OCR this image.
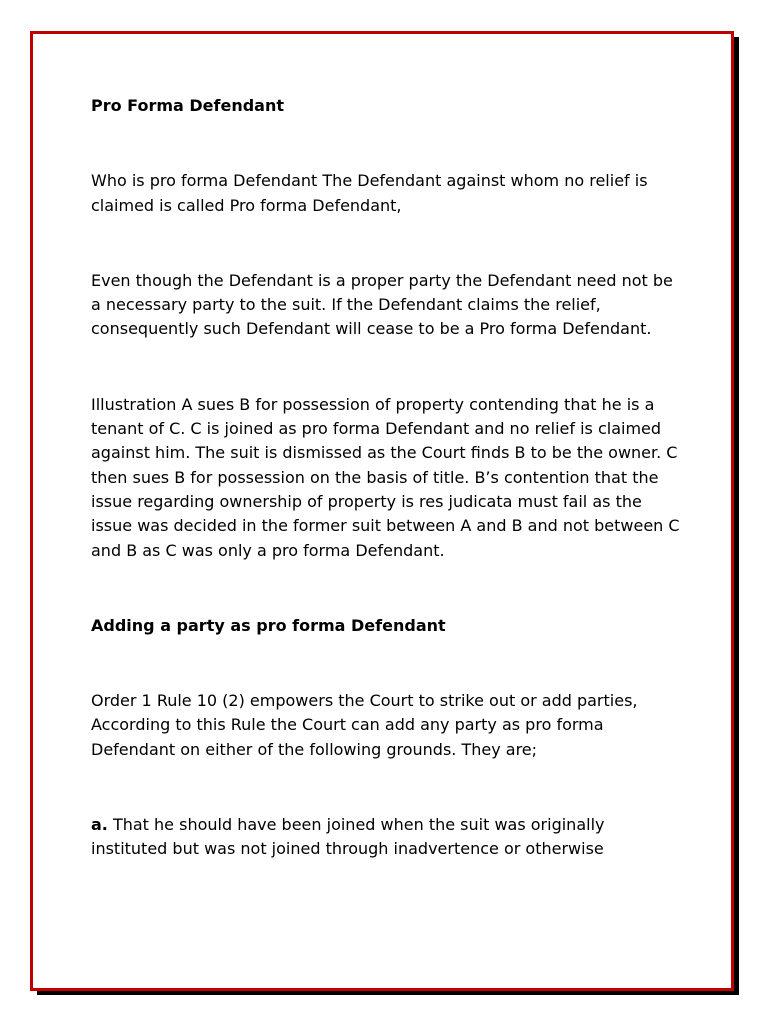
Pro Forma Defendant

Who is pro forma Defendant The Defendant against whom no relief is claimed is called Pro forma Defendant,

Even though the Defendant is a proper party the Defendant need not be a necessary party to the suit. If the Defendant claims the relief, consequently such Defendant will cease to be a Pro forma Defendant.

Illustration A sues B for possession of property contending that he is a tenant of C. C is joined as pro forma Defendant and no relief is claimed against him. The suit is dismissed as the Court finds B to be the owner. C then sues B for possession on the basis of title. B’s contention that the issue regarding ownership of property is res judicata must fail as the issue was decided in the former suit between A and B and not between C and B as C was only a pro forma Defendant.

Adding a party as pro forma Defendant

Order 1 Rule 10 (2) empowers the Court to strike out or add parties, According to this Rule the Court can add any party as pro forma Defendant on either of the following grounds. They are;

a. That he should have been joined when the suit was originally instituted but was not joined through inadvertence or otherwise
